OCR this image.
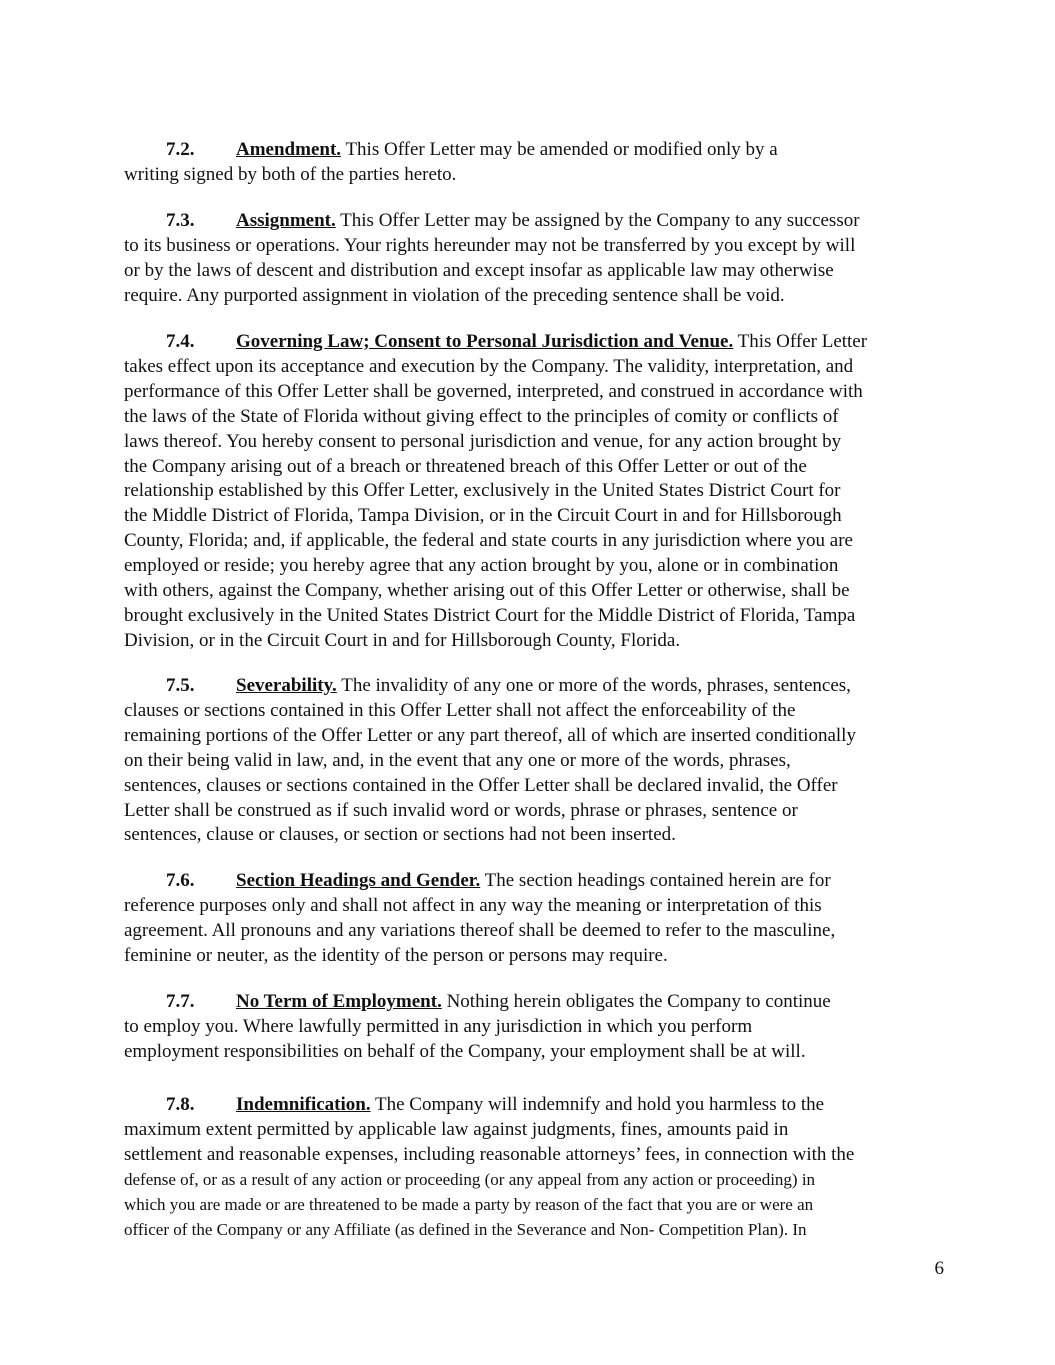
7.2. Amendment. This Offer Letter may be amended or modified only by a
writing signed by both of the parties hereto.
7.3. Assignment. This Offer Letter may be assigned by the Company to any successor
to its business or operations. Your rights hereunder may not be transferred by you except by will
or by the laws of descent and distribution and except insofar as applicable law may otherwise
require. Any purported assignment in violation of the preceding sentence shall be void.
7.4. Governing Law; Consent to Personal Jurisdiction and Venue. This Offer Letter
takes effect upon its acceptance and execution by the Company. The validity, interpretation, and
performance of this Offer Letter shall be governed, interpreted, and construed in accordance with
the laws of the State of Florida without giving effect to the principles of comity or conflicts of
laws thereof. You hereby consent to personal jurisdiction and venue, for any action brought by
the Company arising out of a breach or threatened breach of this Offer Letter or out of the
relationship established by this Offer Letter, exclusively in the United States District Court for
the Middle District of Florida, Tampa Division, or in the Circuit Court in and for Hillsborough
County, Florida; and, if applicable, the federal and state courts in any jurisdiction where you are
employed or reside; you hereby agree that any action brought by you, alone or in combination
with others, against the Company, whether arising out of this Offer Letter or otherwise, shall be
brought exclusively in the United States District Court for the Middle District of Florida, Tampa
Division, or in the Circuit Court in and for Hillsborough County, Florida.
7.5. Severability. The invalidity of any one or more of the words, phrases, sentences,
clauses or sections contained in this Offer Letter shall not affect the enforceability of the
remaining portions of the Offer Letter or any part thereof, all of which are inserted conditionally
on their being valid in law, and, in the event that any one or more of the words, phrases,
sentences, clauses or sections contained in the Offer Letter shall be declared invalid, the Offer
Letter shall be construed as if such invalid word or words, phrase or phrases, sentence or
sentences, clause or clauses, or section or sections had not been inserted.
7.6. Section Headings and Gender. The section headings contained herein are for
reference purposes only and shall not affect in any way the meaning or interpretation of this
agreement. All pronouns and any variations thereof shall be deemed to refer to the masculine,
feminine or neuter, as the identity of the person or persons may require.
7.7. No Term of Employment. Nothing herein obligates the Company to continue
to employ you. Where lawfully permitted in any jurisdiction in which you perform
employment responsibilities on behalf of the Company, your employment shall be at will.
7.8. Indemnification. The Company will indemnify and hold you harmless to the
maximum extent permitted by applicable law against judgments, fines, amounts paid in
settlement and reasonable expenses, including reasonable attorneys’ fees, in connection with the
defense of, or as a result of any action or proceeding (or any appeal from any action or proceeding) in
which you are made or are threatened to be made a party by reason of the fact that you are or were an
officer of the Company or any Affiliate (as defined in the Severance and Non- Competition Plan). In
6
